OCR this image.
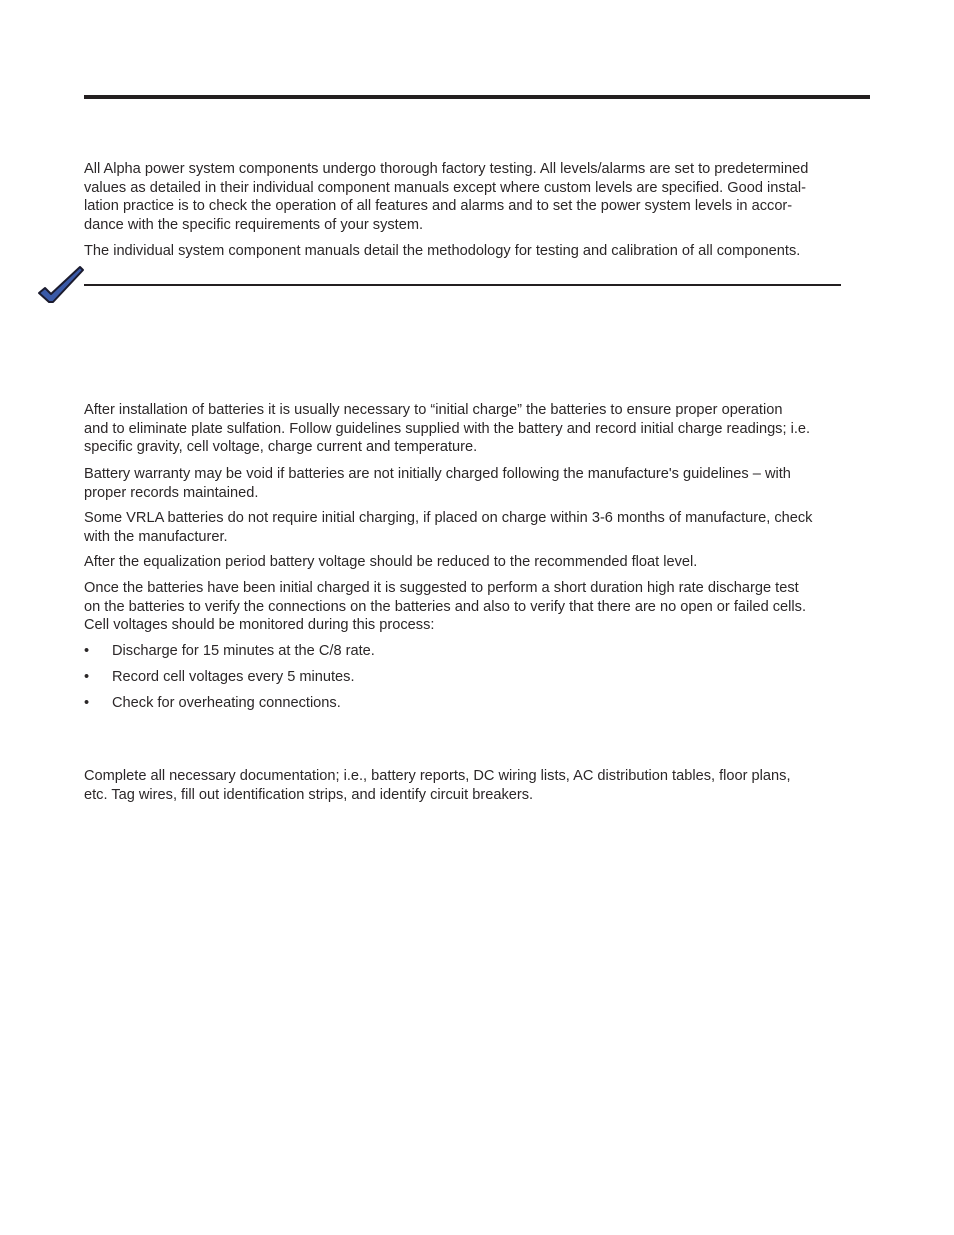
All Alpha power system components undergo thorough factory testing. All levels/alarms are set to predetermined
values as detailed in their individual component manuals except where custom levels are specified. Good instal-
lation practice is to check the operation of all features and alarms and to set the power system levels in accor-
dance with the specific requirements of your system.

The individual system component manuals detail the methodology for testing and calibration of all components.

After installation of batteries it is usually necessary to “initial charge” the batteries to ensure proper operation
and to eliminate plate sulfation. Follow guidelines supplied with the battery and record initial charge readings; i.e.
specific gravity, cell voltage, charge current and temperature.

Battery warranty may be void if batteries are not initially charged following the manufacture's guidelines – with
proper records maintained.

Some VRLA batteries do not require initial charging, if placed on charge within 3-6 months of manufacture, check
with the manufacturer.

After the equalization period battery voltage should be reduced to the recommended float level.

Once the batteries have been initial charged it is suggested to perform a short duration high rate discharge test
on the batteries to verify the connections on the batteries and also to verify that there are no open or failed cells.
Cell voltages should be monitored during this process:

• Discharge for 15 minutes at the C/8 rate.
• Record cell voltages every 5 minutes.
• Check for overheating connections.

Complete all necessary documentation; i.e., battery reports, DC wiring lists, AC distribution tables, floor plans,
etc. Tag wires, fill out identification strips, and identify circuit breakers.
